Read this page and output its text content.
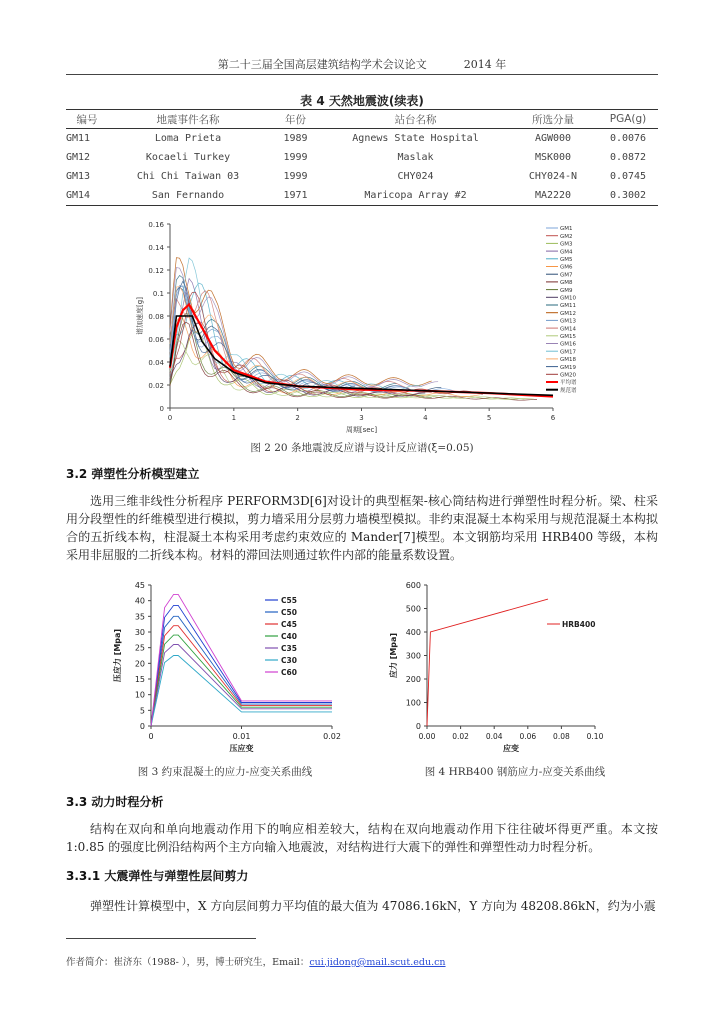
第二十三届全国高层建筑结构学术会议论文	2014 年
表 4 天然地震波(续表)
编号	地震事件名称	年份	站台名称	所选分量	PGA(g)
GM11	Loma Prieta	1989	Agnews State Hospital	AGW000	0.0076
GM12	Kocaeli Turkey	1999	Maslak	MSK000	0.0872
GM13	Chi Chi Taiwan 03	1999	CHY024	CHY024-N	0.0745
GM14	San Fernando	1971	Maricopa Array #2	MA2220	0.3002
0
0.02
0.04
0.06
0.08
0.1
0.12
0.14
0.16
0	1	2	3	4	5	6
周期[sec]
谱加速度[g]
GM1
GM2
GM3
GM4
GM5
GM6
GM7
GM8
GM9
GM10
GM11
GM12
GM13
GM14
GM15
GM16
GM17
GM18
GM19
GM20
平均谱
规范谱
图 2 20 条地震波反应谱与设计反应谱(ξ=0.05)
3.2 弹塑性分析模型建立
选用三维非线性分析程序 PERFORM3D[6]对设计的典型框架-核心筒结构进行弹塑性时程分析。梁、柱采用分段塑性的纤维模型进行模拟，剪力墙采用分层剪力墙模型模拟。非约束混凝土本构采用与规范混凝土本构拟合的五折线本构，柱混凝土本构采用考虑约束效应的 Mander[7]模型。本文钢筋均采用 HRB400 等级，本构采用非屈服的二折线本构。材料的滞回法则通过软件内部的能量系数设置。
0
5
10
15
20
25
30
35
40
45
0	0.01	0.02
压应变
压应力 [Mpa]
C55
C50
C45
C40
C35
C30
C60
图 3 约束混凝土的应力-应变关系曲线
0
100
200
300
400
500
600
0.00 0.02 0.04 0.06 0.08 0.10
应变
应力 [Mpa]
HRB400
图 4 HRB400 钢筋应力-应变关系曲线
3.3 动力时程分析
结构在双向和单向地震动作用下的响应相差较大，结构在双向地震动作用下往往破坏得更严重。本文按 1:0.85 的强度比例沿结构两个主方向输入地震波，对结构进行大震下的弹性和弹塑性动力时程分析。
3.3.1 大震弹性与弹塑性层间剪力
弹塑性计算模型中，X 方向层间剪力平均值的最大值为 47086.16kN，Y 方向为 48208.86kN，约为小震
作者简介：崔济东（1988- ），男，博士研究生，Email：cui.jidong@mail.scut.edu.cn
